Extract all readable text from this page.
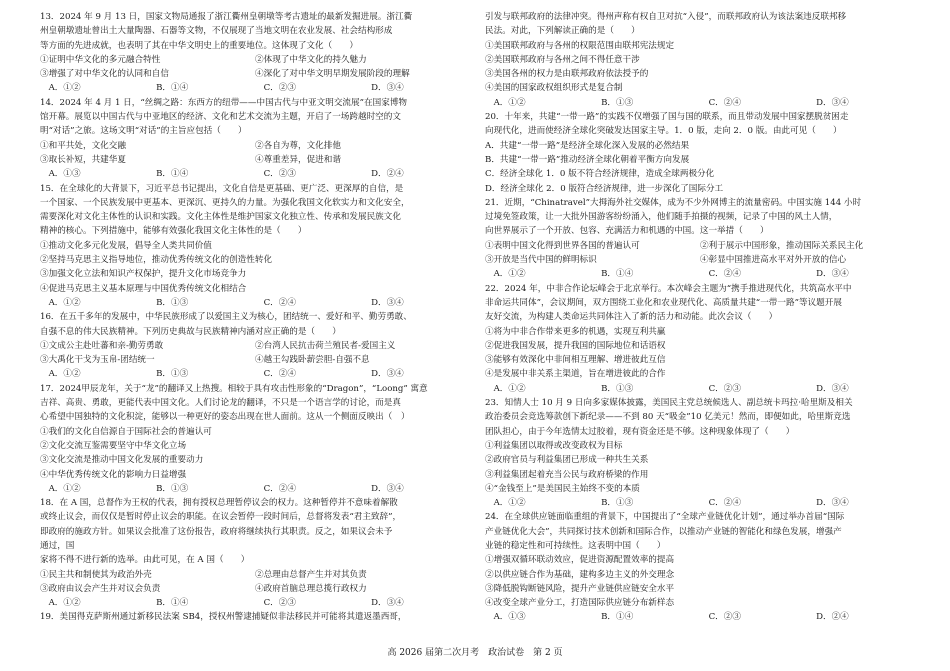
13．2024 年 9 月 13 日，国家文物局通报了浙江衢州皇朝墩等考古遗址的最新发掘进展。浙江衢
州皇朝墩遗址曾出土大量陶器、石器等文物，不仅展现了当地文明在农业发展、社会结构形成
等方面的先进成就，也表明了其在中华文明史上的重要地位。这体现了文化（　　）
①证明中华文化的多元融合特性	②体现了中华文化的持久魅力
③增强了对中华文化的认同和自信	④深化了对中华文明早期发展阶段的理解
　A．①②	　B．①④	　C．②③	　D．③④
14．2024 年 4 月 1 日，“丝绸之路：东西方的纽带——中国古代与中亚文明交流展”在国家博物
馆开幕。展览以中国古代与中亚地区的经济、文化和艺术交流为主题，开启了一场跨越时空的文
明“对话”之旅。这场文明“对话”的主旨应包括（　　）
①和平共处，文化交融	②各自为尊，文化排他
③取长补短，共建华夏	④尊重差异，促进和谐
　A．①③	　B．①④	　C．②③	　D．②④
15．在全球化的大背景下，习近平总书记提出，文化自信是更基础、更广泛、更深厚的自信，是
一个国家、一个民族发展中更基本、更深沉、更持久的力量。为强化我国文化软实力和文化安全，
需要深化对文化主体性的认识和实践。文化主体性是维护国家文化独立性、传承和发展民族文化
精神的核心。下列措施中，能够有效强化我国文化主体性的是（　　）
①推动文化多元化发展，倡导全人类共同价值
②坚持马克思主义指导地位，推动优秀传统文化的创造性转化
③加强文化立法和知识产权保护，提升文化市场竞争力
④促进马克思主义基本原理与中国优秀传统文化相结合
　A．①②	　B．①③	　C．②④	　D．③④
16．在五千多年的发展中，中华民族形成了以爱国主义为核心，团结统一、爱好和平、勤劳勇敢、
自强不息的伟大民族精神。下列历史典故与民族精神内涵对应正确的是（　　）
①文成公主赴吐蕃和亲-勤劳勇敢	②台湾人民抗击荷兰殖民者-爱国主义
③大禹化干戈为玉帛-团结统一	④越王勾践卧薪尝胆-自强不息
　A．①②	　B．①③	　C．②④	　D．③④
17．2024甲辰龙年，关于“龙”的翻译又上热搜。相较于具有攻击性形象的“Dragon”，“Loong” 寓意
吉祥、高贵、勇敢，更能代表中国文化。人们讨论龙的翻译，不只是一个语言学的讨论，而是真
心希望中国独特的文化积淀，能够以一种更好的姿态出现在世人面前。这从一个侧面反映出（　）
①我们的文化自信源自于国际社会的普遍认可
②文化交流互鉴需要坚守中华文化立场
③文化交流是推动中国文化发展的重要动力
④中华优秀传统文化的影响力日益增强
　A．①②	　B．①③	　C．②④	　D．③④
18．在 A 国，总督作为王权的代表，拥有授权总理暂停议会的权力。这种暂停并不意味着解散
或终止议会，而仅仅是暂时停止议会的职能。在议会暂停一段时间后，总督将发表“君主致辞”，
即政府的施政方针。如果议会批准了这份报告，政府将继续执行其职责。反之，如果议会未予
通过，国
家将不得不进行新的选举。由此可见，在 A 国（　　）
①民主共和制使其为政治外壳	②总理由总督产生并对其负责
③政府由议会产生并对议会负责	④政府首脑总理总揽行政权力
　A．①②	　B．①④	　C．②③	　D．③④
19．美国得克萨斯州通过新移民法案 SB4，授权州警逮捕疑似非法移民并可能将其遣返墨西哥，
引发与联邦政府的法律冲突。得州声称有权自卫对抗“入侵”，而联邦政府认为该法案违反联邦移
民法。对此，下列解读正确的是（　　）
①美国联邦政府与各州的权限范围由联邦宪法规定
②美国联邦政府与各州之间不得任意干涉
③美国各州的权力是由联邦政府依法授予的
④美国的国家政权组织形式是复合制
　A．①②	　B．①③	　C．②④	　D．③④
20．十年来，共建“一带一路”的实践不仅增强了国与国的联系，而且带动发展中国家摆脱贫困走
向现代化，进而使经济全球化突破发达国家主导。1．0 版，走向 2．0 版。由此可见（　　）
A．共建“一带一路”是经济全球化深入发展的必然结果
B．共建“一带一路”推动经济全球化朝着平衡方向发展
C．经济全球化 1．0 版不符合经济规律，造成全球两极分化
D．经济全球化 2．0 版符合经济规律，进一步深化了国际分工
21．近期，“Chinatravel”大拇海外社交媒体，成为不少外网博主的流量密码。中国实施 144 小时
过境免签政策，让一大批外国游客纷纷涌入，他们随手拍摄的视频，记录了中国的风土人情，
向世界展示了一个开放、包容、充满活力和机遇的中国。这一举措（　　）
①表明中国文化得到世界各国的普遍认可	②利于展示中国形象，推动国际关系民主化
③开放是当代中国的鲜明标识	④彰显中国推进高水平对外开放的信心
　A．①②	　B．①④	　C．②④	　D．③④
22．2024 年，中非合作论坛峰会于北京举行。本次峰会主题为“携手推进现代化，共筑高水平中
非命运共同体”，会议期间，双方围绕工业化和农业现代化、高质量共建“一带一路”等议题开展
友好交流，为构建人类命运共同体注入了新的活力和动能。此次会议（　　）
①将为中非合作带来更多的机遇，实现互利共赢
②促进我国发展，提升我国的国际地位和话语权
③能够有效深化中非间相互理解、增进彼此互信
④是发展中非关系主渠道，旨在增进彼此的合作
　A．①②	　B．①③	　C．②③	　D．③④
23．知情人士 10 月 9 日向多家媒体披露，美国民主党总统候选人、副总统卡玛拉·哈里斯及相关
政治委员会竞选筹款创下新纪录——不到 80 天“吸金”10 亿美元！然而，即便如此，哈里斯竞选
团队担心，由于今年选情太过胶着，现有资金还是不够。这种现象体现了（　　）
①利益集团以取得或改变政权为目标
②政府官员与利益集团已形成一种共生关系
③利益集团起着充当公民与政府桥梁的作用
④“金钱至上”是美国民主始终不变的本质
　A．①②	　B．①③	　C．②④	　D．③④
24．在全球供应链面临重组的背景下，中国提出了“全球产业链优化计划”，通过举办首届“国际
产业链优化大会”，共同探讨技术创新和国际合作，以推动产业链的智能化和绿色发展，增强产
业链的稳定性和可持续性。这表明中国（　　）
①增强双循环联动效应，促进资源配置效率的提高
②以供应链合作为基础，建构多边主义的外交理念
③降低脱钩断链风险，提升产业链供应链安全水平
④改变全球产业分工，打造国际供应链分布新样态
　A．①③	　B．①④	　C．②③	　D．②④
高 2026 届第二次月考　政治试卷　第 2 页
